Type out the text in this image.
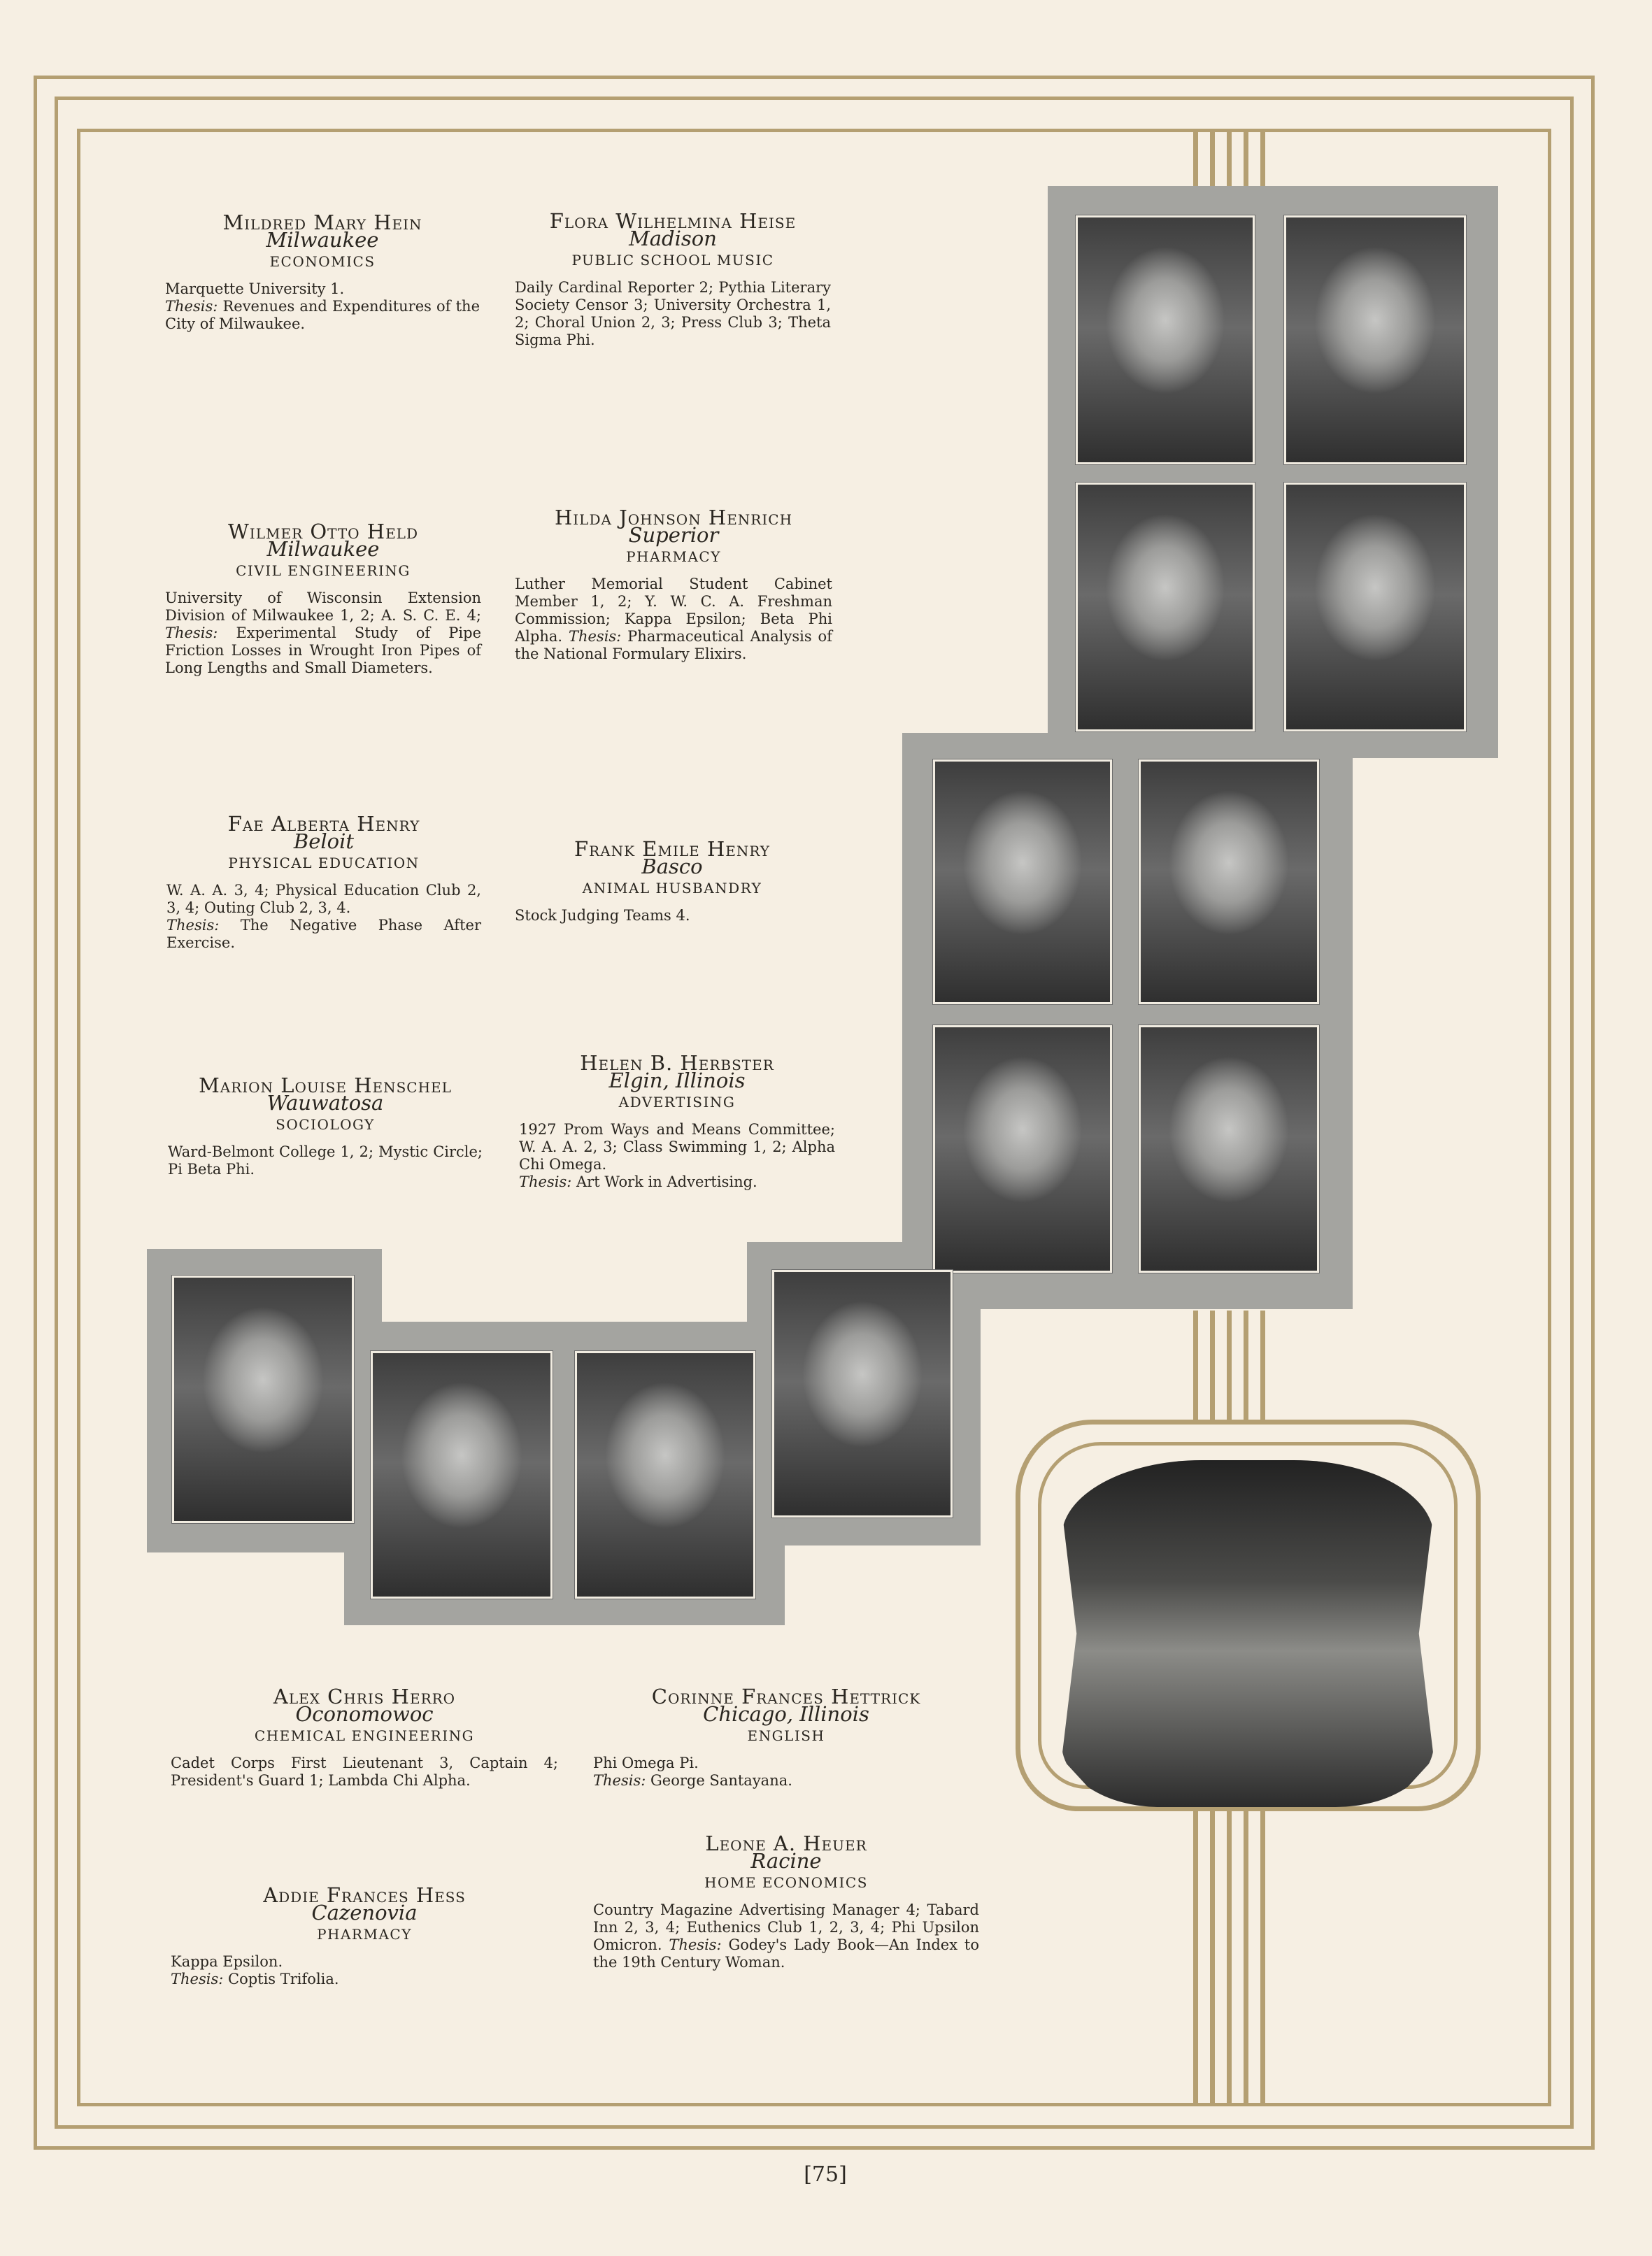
Mildred Mary Hein
Milwaukee
ECONOMICS

Marquette University 1.
Thesis: Revenues and Expenditures of the City of Milwaukee.

Flora Wilhelmina Heise
Madison
PUBLIC SCHOOL MUSIC

Daily Cardinal Reporter 2; Pythia Literary Society Censor 3; University Orchestra 1, 2; Choral Union 2, 3; Press Club 3; Theta Sigma Phi.

Wilmer Otto Held
Milwaukee
CIVIL ENGINEERING

University of Wisconsin Extension Division of Milwaukee 1, 2; A. S. C. E. 4; Thesis: Experimental Study of Pipe Friction Losses in Wrought Iron Pipes of Long Lengths and Small Diameters.

Hilda Johnson Henrich
Superior
PHARMACY

Luther Memorial Student Cabinet Member 1, 2; Y. W. C. A. Freshman Commission; Kappa Epsilon; Beta Phi Alpha. Thesis: Pharmaceutical Analysis of the National Formulary Elixirs.

Fae Alberta Henry
Beloit
PHYSICAL EDUCATION

W. A. A. 3, 4; Physical Education Club 2, 3, 4; Outing Club 2, 3, 4.
Thesis: The Negative Phase After Exercise.

Frank Emile Henry
Basco
ANIMAL HUSBANDRY

Stock Judging Teams 4.

Marion Louise Henschel
Wauwatosa
SOCIOLOGY

Ward-Belmont College 1, 2; Mystic Circle; Pi Beta Phi.

Helen B. Herbster
Elgin, Illinois
ADVERTISING

1927 Prom Ways and Means Committee; W. A. A. 2, 3; Class Swimming 1, 2; Alpha Chi Omega.
Thesis: Art Work in Advertising.

Alex Chris Herro
Oconomowoc
CHEMICAL ENGINEERING

Cadet Corps First Lieutenant 3, Captain 4; President's Guard 1; Lambda Chi Alpha.

Corinne Frances Hettrick
Chicago, Illinois
ENGLISH

Phi Omega Pi.
Thesis: George Santayana.

Leone A. Heuer
Racine
HOME ECONOMICS

Country Magazine Advertising Manager 4; Tabard Inn 2, 3, 4; Euthenics Club 1, 2, 3, 4; Phi Upsilon Omicron. Thesis: Godey's Lady Book—An Index to the 19th Century Woman.

Addie Frances Hess
Cazenovia
PHARMACY

Kappa Epsilon.
Thesis: Coptis Trifolia.

[75]
